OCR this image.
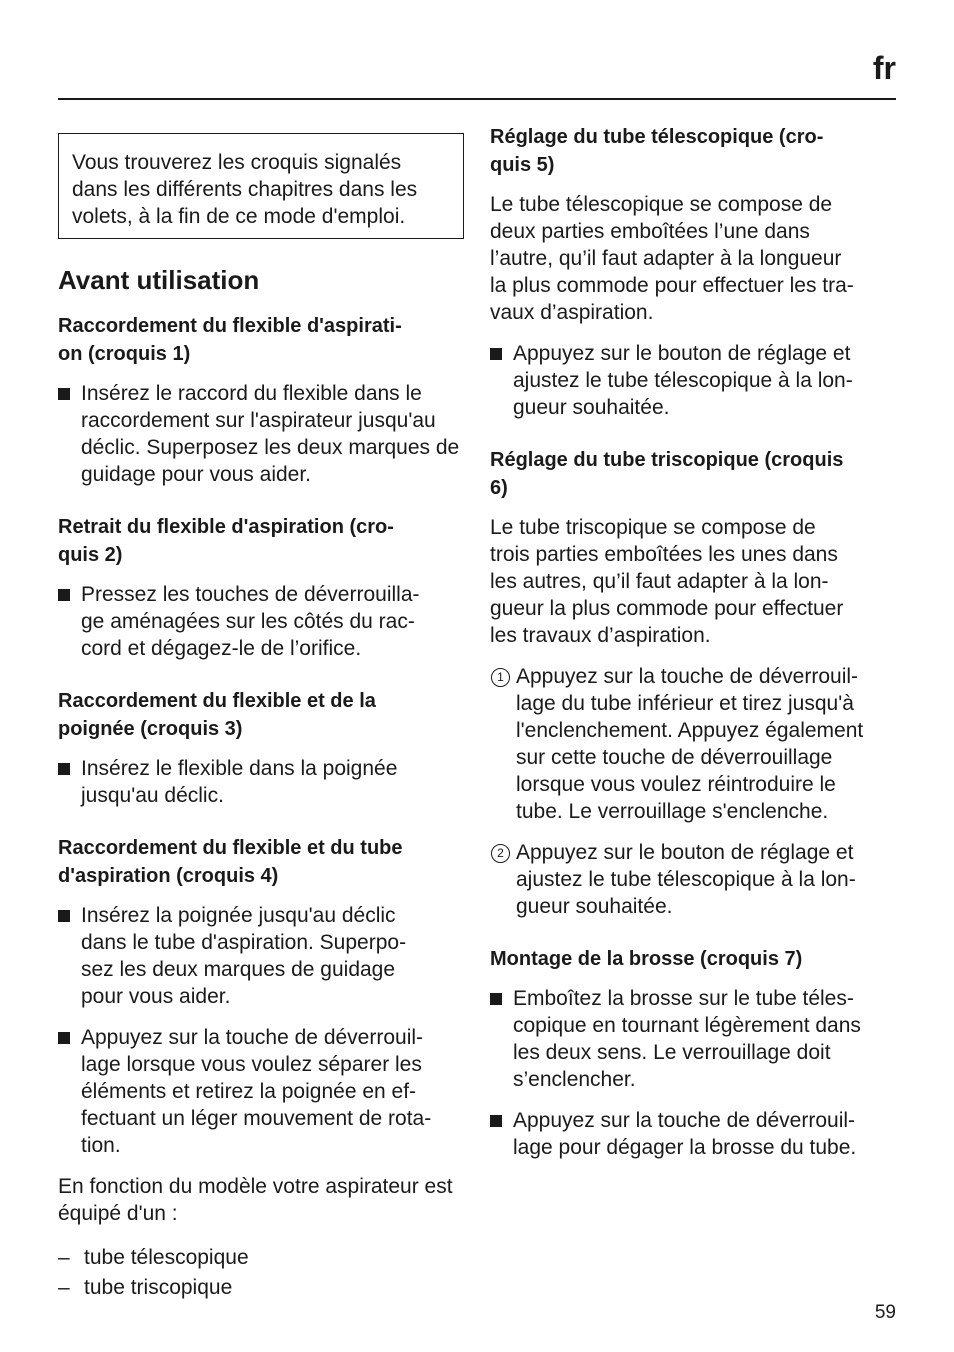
fr
Vous trouverez les croquis signalés dans les différents chapitres dans les volets, à la fin de ce mode d'emploi.
Avant utilisation
Raccordement du flexible d'aspirati-
on (croquis 1)
Insérez le raccord du flexible dans le raccordement sur l'aspirateur jusqu'au déclic. Superposez les deux marques de guidage pour vous aider.
Retrait du flexible d'aspiration (cro-
quis 2)
Pressez les touches de déverrouilla-
ge aménagées sur les côtés du rac-
cord et dégagez-le de l’orifice.
Raccordement du flexible et de la
poignée (croquis 3)
Insérez le flexible dans la poignée
jusqu'au déclic.
Raccordement du flexible et du tube
d'aspiration (croquis 4)
Insérez la poignée jusqu'au déclic
dans le tube d'aspiration. Superpo-
sez les deux marques de guidage
pour vous aider.
Appuyez sur la touche de déverrouil-
lage lorsque vous voulez séparer les
éléments et retirez la poignée en ef-
fectuant un léger mouvement de rota-
tion.

En fonction du modèle votre aspirateur est équipé d'un :

– tube télescopique
– tube triscopique
Réglage du tube télescopique (cro-
quis 5)

Le tube télescopique se compose de
deux parties emboîtées l’une dans
l’autre, qu’il faut adapter à la longueur
la plus commode pour effectuer les tra-
vaux d’aspiration.

Appuyez sur le bouton de réglage et
ajustez le tube télescopique à la lon-
gueur souhaitée.
Réglage du tube triscopique (croquis
6)

Le tube triscopique se compose de
trois parties emboîtées les unes dans
les autres, qu’il faut adapter à la lon-
gueur la plus commode pour effectuer
les travaux d’aspiration.

1 Appuyez sur la touche de déverrouil-
lage du tube inférieur et tirez jusqu'à
l'enclenchement. Appuyez également
sur cette touche de déverrouillage
lorsque vous voulez réintroduire le
tube. Le verrouillage s'enclenche.
2 Appuyez sur le bouton de réglage et
ajustez le tube télescopique à la lon-
gueur souhaitée.
Montage de la brosse (croquis 7)
Emboîtez la brosse sur le tube téles-
copique en tournant légèrement dans
les deux sens. Le verrouillage doit
s’enclencher.
Appuyez sur la touche de déverrouil-
lage pour dégager la brosse du tube.
59
